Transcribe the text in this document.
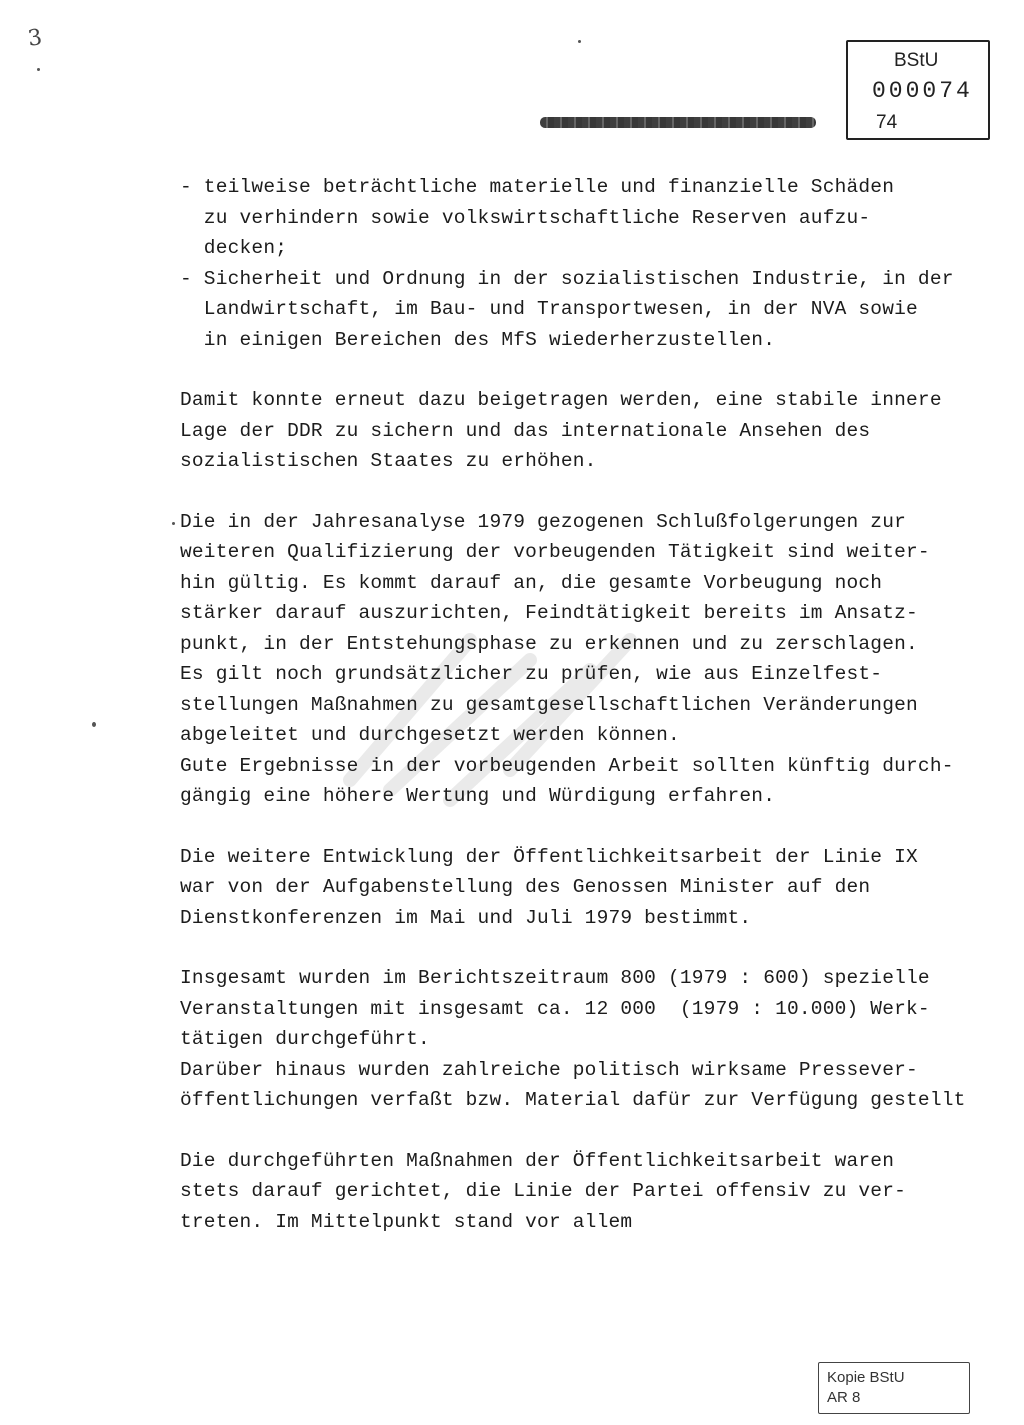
3
BStU
000074
74
- teilweise beträchtliche materielle und finanzielle Schäden
zu verhindern sowie volkswirtschaftliche Reserven aufzu-
decken;
- Sicherheit und Ordnung in der sozialistischen Industrie, in der
Landwirtschaft, im Bau- und Transportwesen, in der NVA sowie
in einigen Bereichen des MfS wiederherzustellen.
Damit konnte erneut dazu beigetragen werden, eine stabile innere
Lage der DDR zu sichern und das internationale Ansehen des
sozialistischen Staates zu erhöhen.
Die in der Jahresanalyse 1979 gezogenen Schlußfolgerungen zur
weiteren Qualifizierung der vorbeugenden Tätigkeit sind weiter-
hin gültig. Es kommt darauf an, die gesamte Vorbeugung noch
stärker darauf auszurichten, Feindtätigkeit bereits im Ansatz-
punkt, in der Entstehungsphase zu erkennen und zu zerschlagen.
Es gilt noch grundsätzlicher zu prüfen, wie aus Einzelfest-
stellungen Maßnahmen zu gesamtgesellschaftlichen Veränderungen
abgeleitet und durchgesetzt werden können.
Gute Ergebnisse in der vorbeugenden Arbeit sollten künftig durch-
gängig eine höhere Wertung und Würdigung erfahren.
Die weitere Entwicklung der Öffentlichkeitsarbeit der Linie IX
war von der Aufgabenstellung des Genossen Minister auf den
Dienstkonferenzen im Mai und Juli 1979 bestimmt.
Insgesamt wurden im Berichtszeitraum 800 (1979 : 600) spezielle
Veranstaltungen mit insgesamt ca. 12 000  (1979 : 10.000) Werk-
tätigen durchgeführt.
Darüber hinaus wurden zahlreiche politisch wirksame Pressever-
öffentlichungen verfaßt bzw. Material dafür zur Verfügung gestellt
Die durchgeführten Maßnahmen der Öffentlichkeitsarbeit waren
stets darauf gerichtet, die Linie der Partei offensiv zu ver-
treten. Im Mittelpunkt stand vor allem
Kopie BStU
AR 8
